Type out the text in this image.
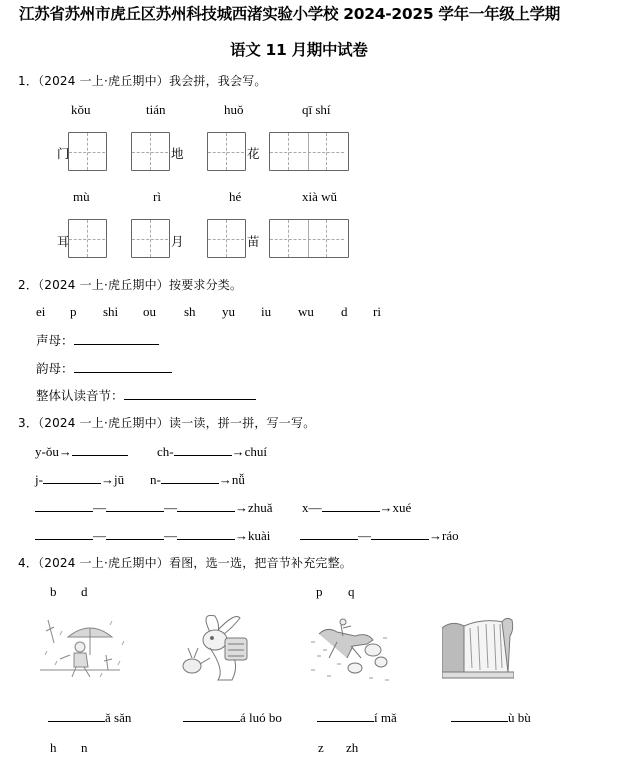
江苏省苏州市虎丘区苏州科技城西渚实验小学校 2024-2025 学年一年级上学期
语文 11 月期中试卷
1．（2024 一上·虎丘期中）我会拼，我会写。
kǒu	tián	huǒ	qī shí
门	地	花
mù	rì	hé	xià wǔ
耳	月	苗
2．（2024 一上·虎丘期中）按要求分类。
ei p shi ou sh yu iu wu d ri
声母：
韵母：
整体认读音节：
3．（2024 一上·虎丘期中）读一读，拼一拼，写一写。
y-ǒu→	ch-	→chuí
j-	→jū n-	→nǚ
—	—	→zhuǎ x—	→xué
—	—	→kuài	—	→ráo
4．（2024 一上·虎丘期中）看图，选一选，把音节补充完整。
b d	p q
ǎ sǎn	á luó bo	í mǎ	ù bù
h n	z zh
